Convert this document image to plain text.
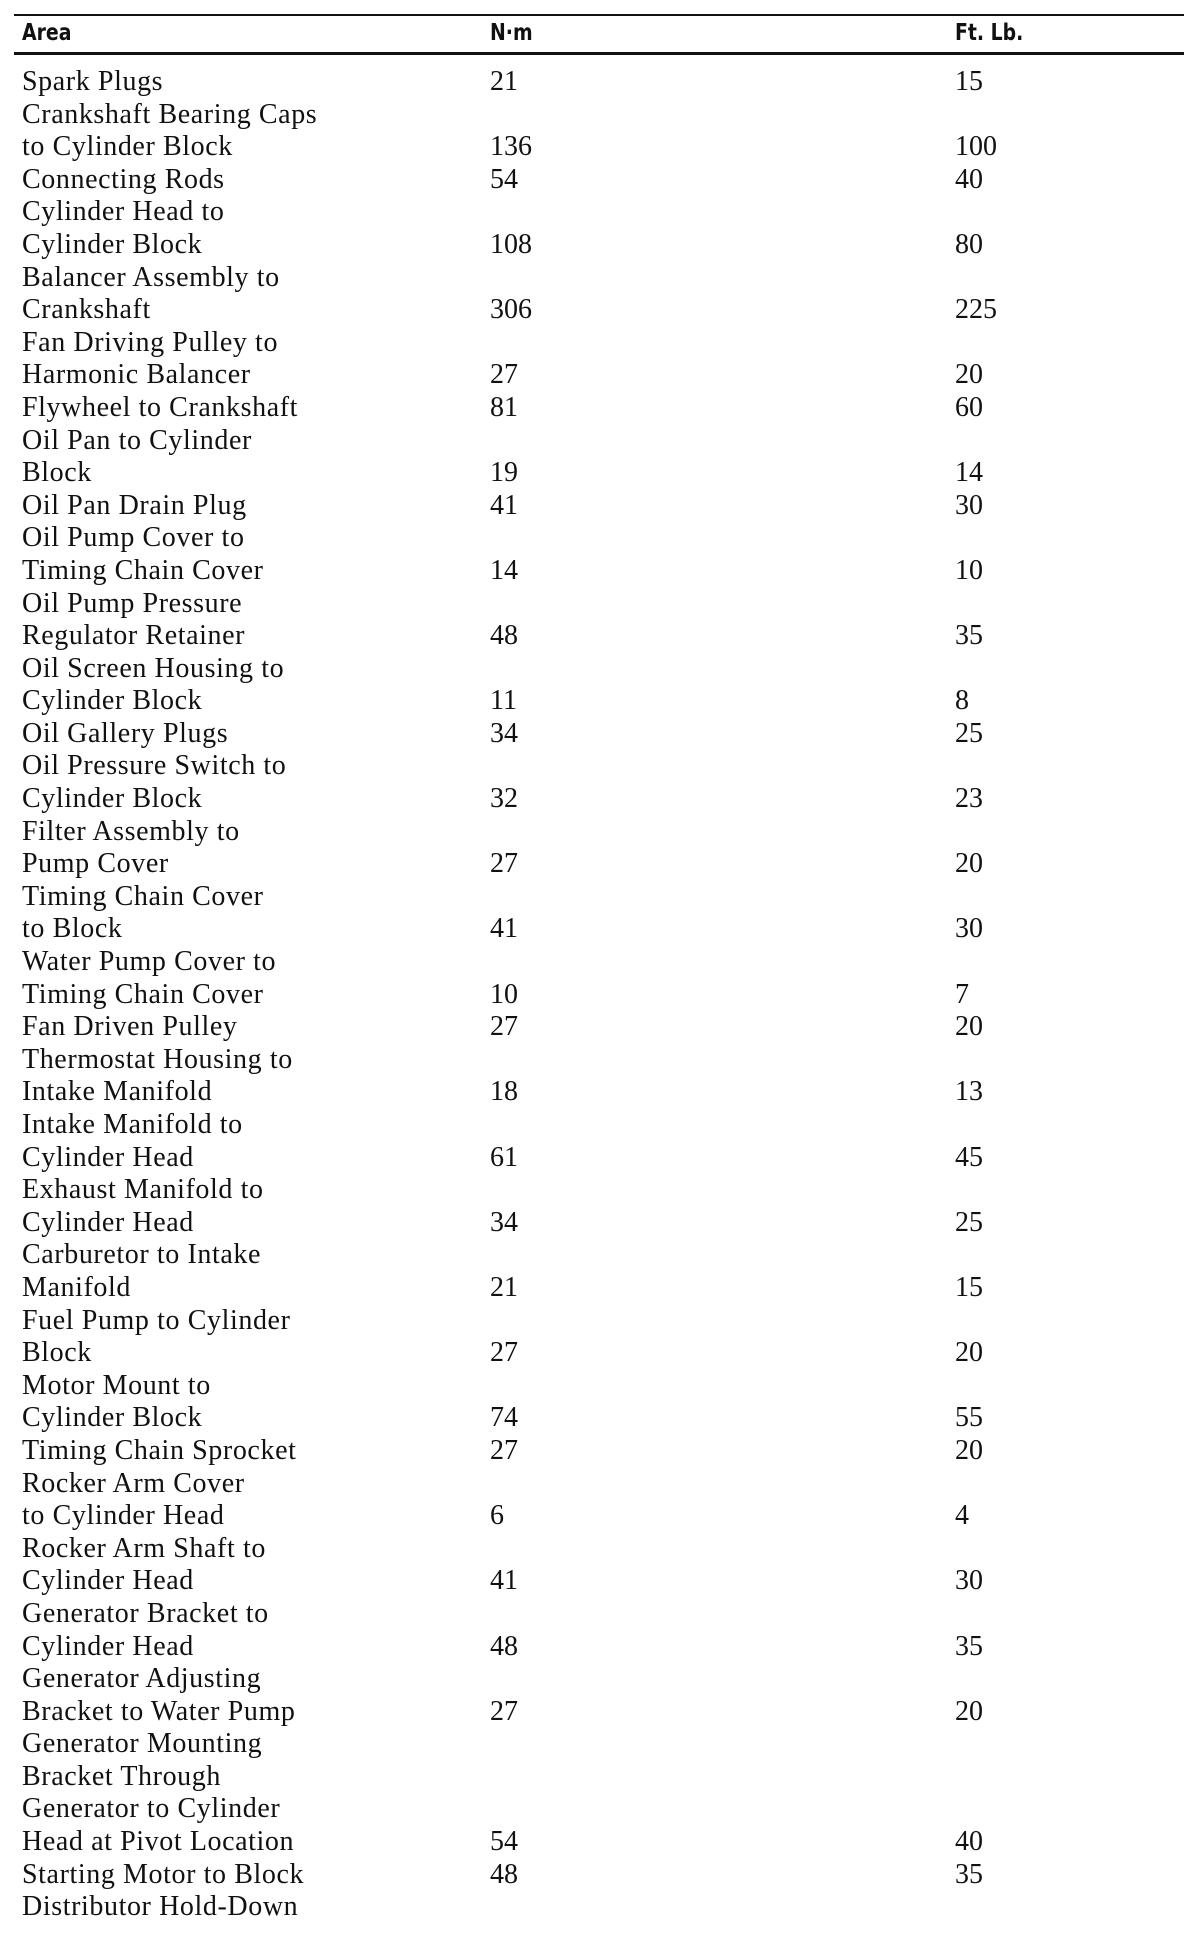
Area	N·m	Ft. Lb.
Spark Plugs	21	15
Crankshaft Bearing Caps
to Cylinder Block	136	100
Connecting Rods	54	40
Cylinder Head to
Cylinder Block	108	80
Balancer Assembly to
Crankshaft	306	225
Fan Driving Pulley to
Harmonic Balancer	27	20
Flywheel to Crankshaft	81	60
Oil Pan to Cylinder
Block	19	14
Oil Pan Drain Plug	41	30
Oil Pump Cover to
Timing Chain Cover	14	10
Oil Pump Pressure
Regulator Retainer	48	35
Oil Screen Housing to
Cylinder Block	11	8
Oil Gallery Plugs	34	25
Oil Pressure Switch to
Cylinder Block	32	23
Filter Assembly to
Pump Cover	27	20
Timing Chain Cover
to Block	41	30
Water Pump Cover to
Timing Chain Cover	10	7
Fan Driven Pulley	27	20
Thermostat Housing to
Intake Manifold	18	13
Intake Manifold to
Cylinder Head	61	45
Exhaust Manifold to
Cylinder Head	34	25
Carburetor to Intake
Manifold	21	15
Fuel Pump to Cylinder
Block	27	20
Motor Mount to
Cylinder Block	74	55
Timing Chain Sprocket	27	20
Rocker Arm Cover
to Cylinder Head	6	4
Rocker Arm Shaft to
Cylinder Head	41	30
Generator Bracket to
Cylinder Head	48	35
Generator Adjusting
Bracket to Water Pump	27	20
Generator Mounting
Bracket Through
Generator to Cylinder
Head at Pivot Location	54	40
Starting Motor to Block	48	35
Distributor Hold-Down
